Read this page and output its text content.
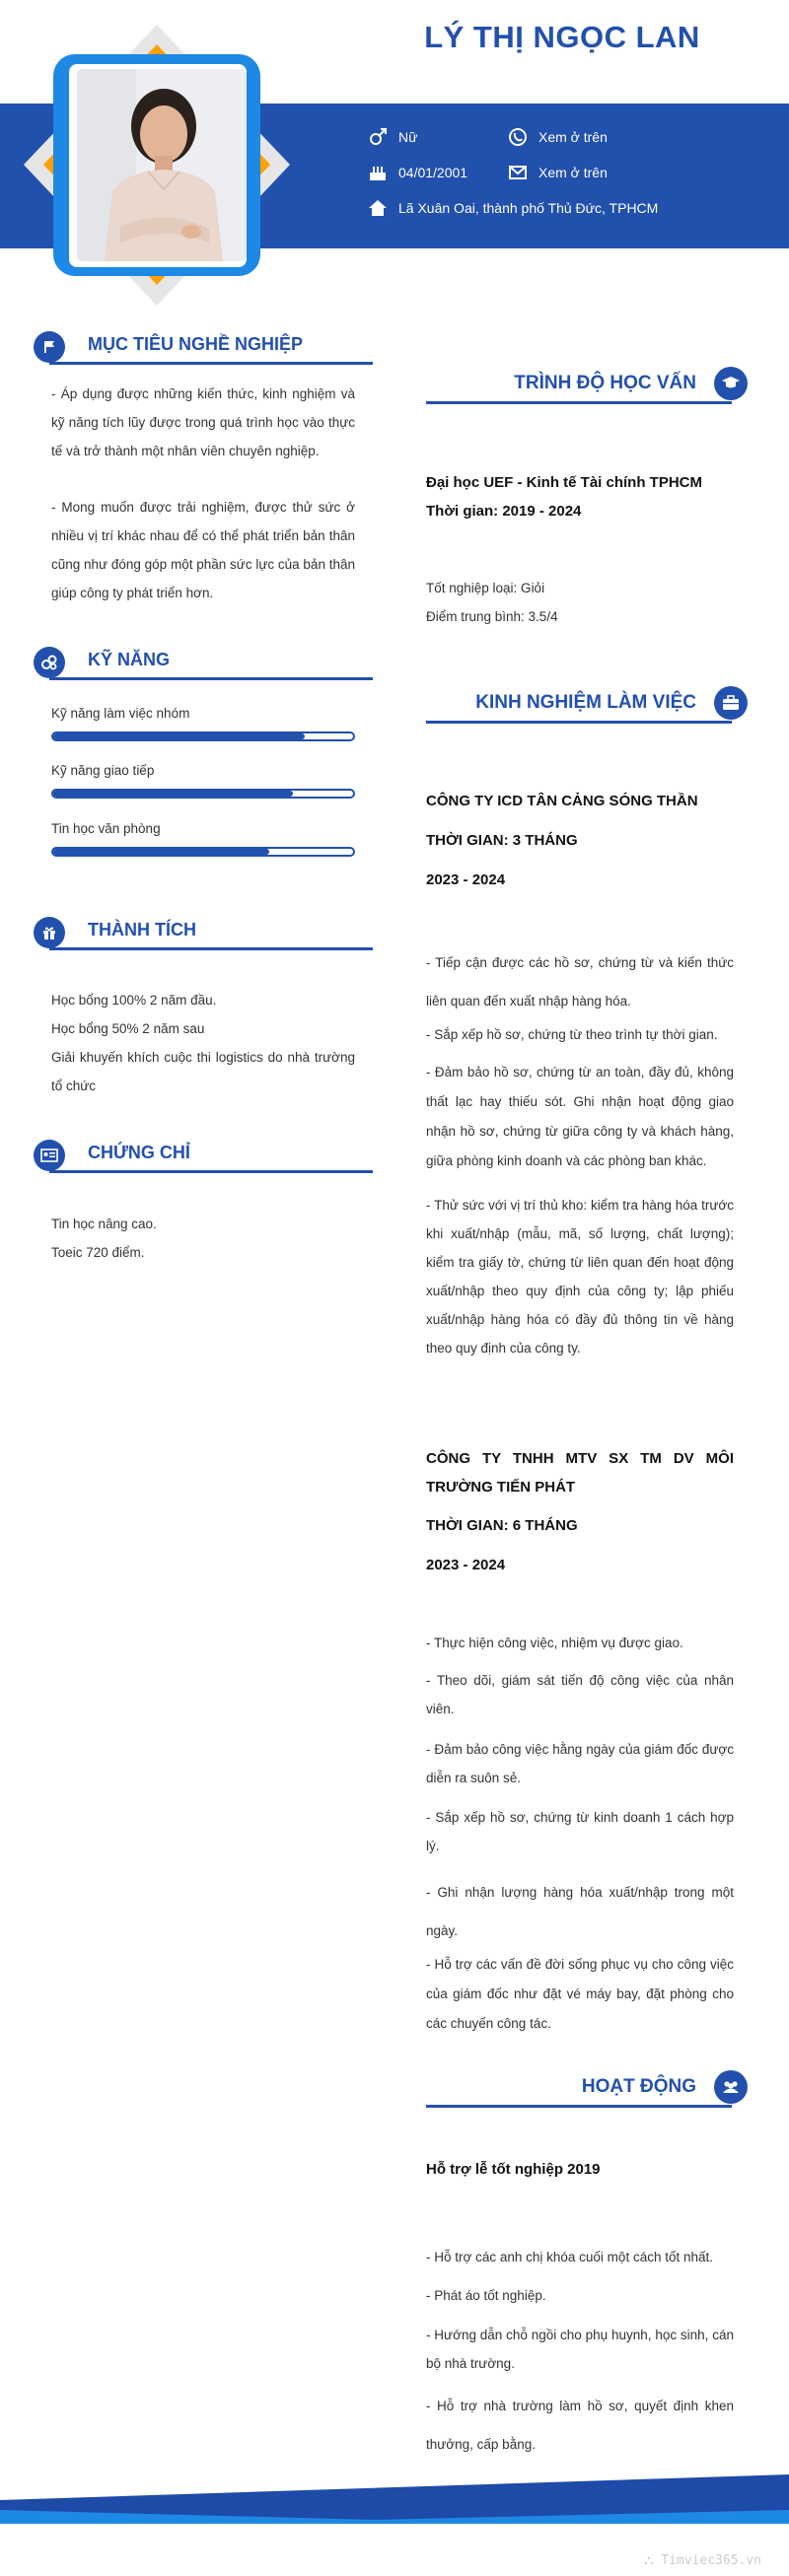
LÝ THỊ NGỌC LAN
Nữ	Xem ở trên
04/01/2001	Xem ở trên
Lã Xuân Oai, thành phố Thủ Đức, TPHCM
MỤC TIÊU NGHỀ NGHIỆP
- Áp dụng được những kiến thức, kinh nghiệm và kỹ năng tích lũy được trong quá trình học vào thực tế và trở thành một nhân viên chuyên nghiệp.
- Mong muốn được trải nghiệm, được thử sức ở nhiều vị trí khác nhau để có thể phát triển bản thân cũng như đóng góp một phần sức lực của bản thân giúp công ty phát triển hơn.
KỸ NĂNG
Kỹ năng làm việc nhóm
Kỹ năng giao tiếp
Tin học văn phòng
THÀNH TÍCH
Học bổng 100% 2 năm đầu.
Học bổng 50% 2 năm sau
Giải khuyến khích cuộc thi logistics do nhà trường tổ chức
CHỨNG CHỈ
Tin học nâng cao.
Toeic 720 điểm.
TRÌNH ĐỘ HỌC VẤN
Đại học UEF - Kinh tế Tài chính TPHCM
Thời gian: 2019 - 2024
Tốt nghiệp loại: Giỏi
Điểm trung bình: 3.5/4
KINH NGHIỆM LÀM VIỆC
CÔNG TY ICD TÂN CẢNG SÓNG THẦN
THỜI GIAN: 3 THÁNG
2023 - 2024
- Tiếp cận được các hồ sơ, chứng từ và kiến thức liên quan đến xuất nhập hàng hóa.
- Sắp xếp hồ sơ, chứng từ theo trình tự thời gian.
- Đảm bảo hồ sơ, chứng từ an toàn, đầy đủ, không thất lạc hay thiếu sót. Ghi nhận hoạt động giao nhận hồ sơ, chứng từ giữa công ty và khách hàng, giữa phòng kinh doanh và các phòng ban khác.
- Thử sức với vị trí thủ kho: kiểm tra hàng hóa trước khi xuất/nhập (mẫu, mã, số lượng, chất lượng); kiểm tra giấy tờ, chứng từ liên quan đến hoạt động xuất/nhập theo quy định của công ty; lập phiếu xuất/nhập hàng hóa có đầy đủ thông tin về hàng theo quy định của công ty.
CÔNG TY TNHH MTV SX TM DV MÔI TRƯỜNG TIẾN PHÁT
THỜI GIAN: 6 THÁNG
2023 - 2024
- Thực hiện công việc, nhiệm vụ được giao.
- Theo dõi, giám sát tiến độ công việc của nhân viên.
- Đảm bảo công việc hằng ngày của giám đốc được diễn ra suôn sẻ.
- Sắp xếp hồ sơ, chứng từ kinh doanh 1 cách hợp lý.
- Ghi nhận lượng hàng hóa xuất/nhập trong một ngày.
- Hỗ trợ các vấn đề đời sống phục vụ cho công việc của giám đốc như đặt vé máy bay, đặt phòng cho các chuyến công tác.
HOẠT ĐỘNG
Hỗ trợ lễ tốt nghiệp 2019
- Hỗ trợ các anh chị khóa cuối một cách tốt nhất.
- Phát áo tốt nghiệp.
- Hướng dẫn chỗ ngồi cho phụ huynh, học sinh, cán bộ nhà trường.
- Hỗ trợ nhà trường làm hồ sơ, quyết định khen thưởng, cấp bằng.
⛬ Timviec365.vn
